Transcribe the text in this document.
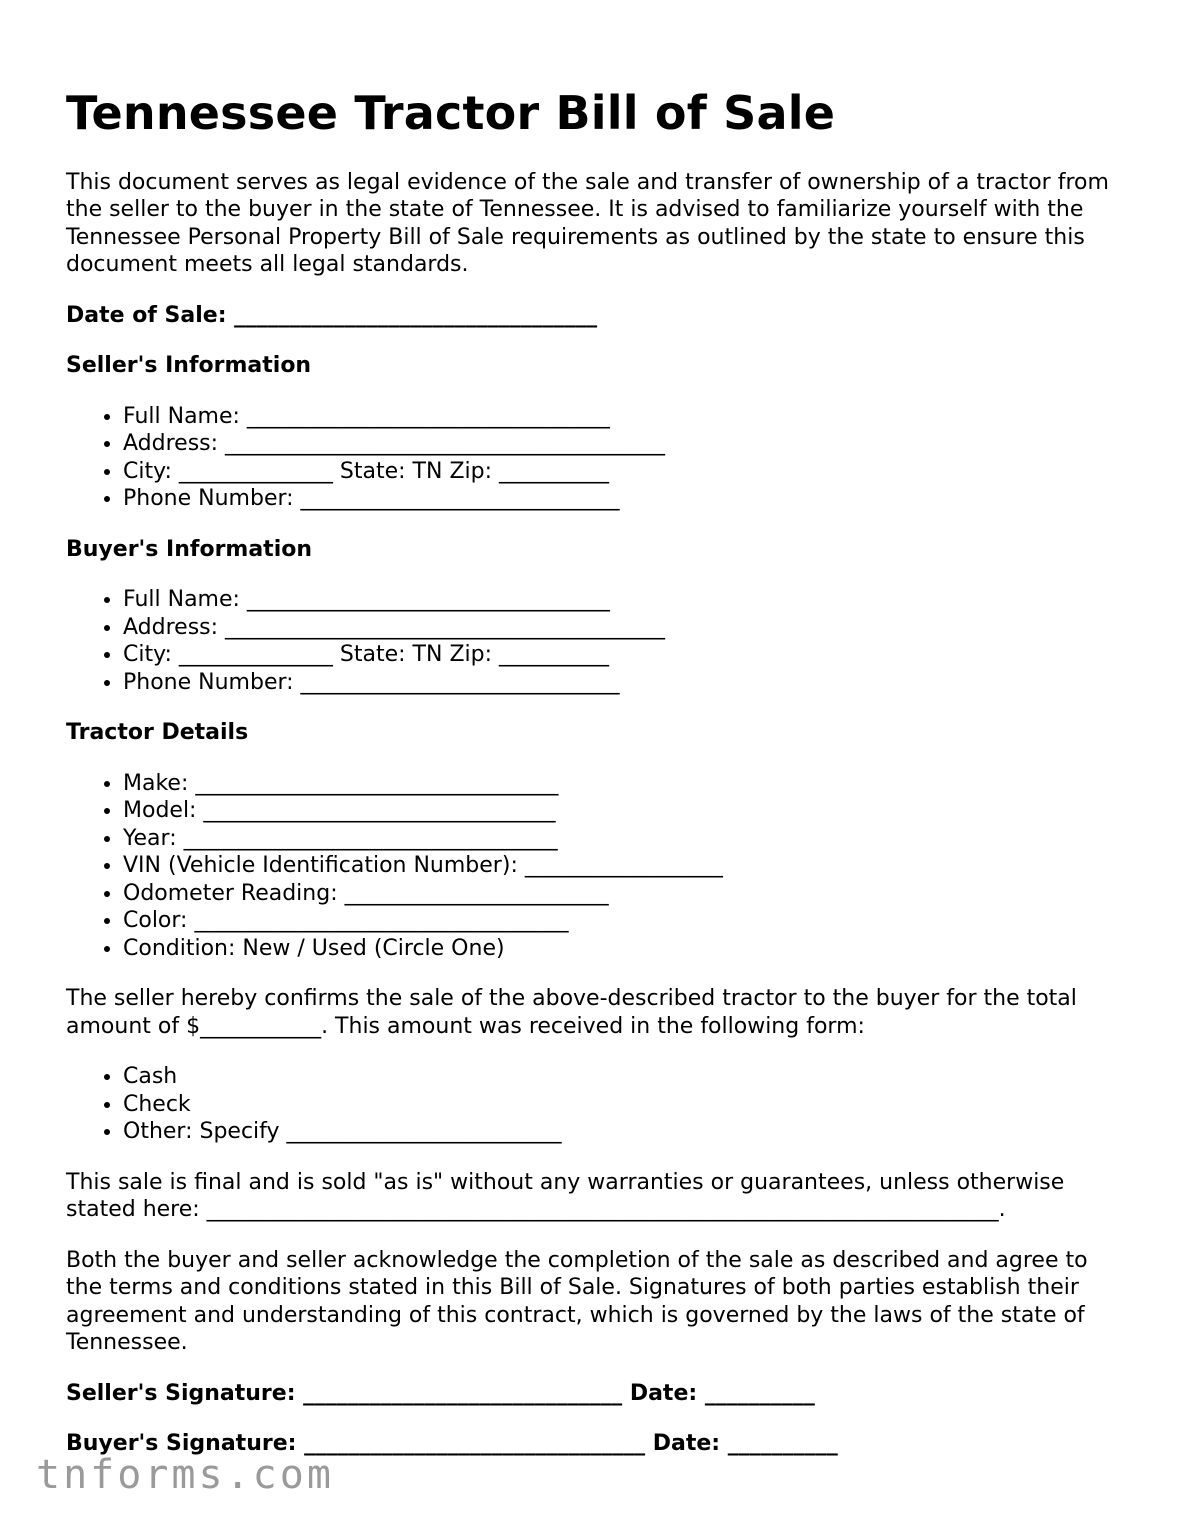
Tennessee Tractor Bill of Sale

This document serves as legal evidence of the sale and transfer of ownership of a tractor from the seller to the buyer in the state of Tennessee. It is advised to familiarize yourself with the Tennessee Personal Property Bill of Sale requirements as outlined by the state to ensure this document meets all legal standards.

Date of Sale: _________________________________

Seller's Information
• Full Name: _________________________________
• Address: ________________________________________
• City: ______________ State: TN Zip: __________
• Phone Number: _____________________________
Buyer's Information
• Full Name: _________________________________
• Address: ________________________________________
• City: ______________ State: TN Zip: __________
• Phone Number: _____________________________
Tractor Details
• Make: _________________________________
• Model: ________________________________
• Year: __________________________________
• VIN (Vehicle Identification Number): __________________
• Odometer Reading: ________________________
• Color: __________________________________
• Condition: New / Used (Circle One)

The seller hereby confirms the sale of the above-described tractor to the buyer for the total amount of $___________. This amount was received in the following form:

• Cash
• Check
• Other: Specify _________________________

This sale is final and is sold "as is" without any warranties or guarantees, unless otherwise stated here: ________________________________________________________________________.

Both the buyer and seller acknowledge the completion of the sale as described and agree to the terms and conditions stated in this Bill of Sale. Signatures of both parties establish their agreement and understanding of this contract, which is governed by the laws of the state of Tennessee.

Seller's Signature: _____________________________ Date: __________
Buyer's Signature: _______________________________ Date: __________
tnforms.com
